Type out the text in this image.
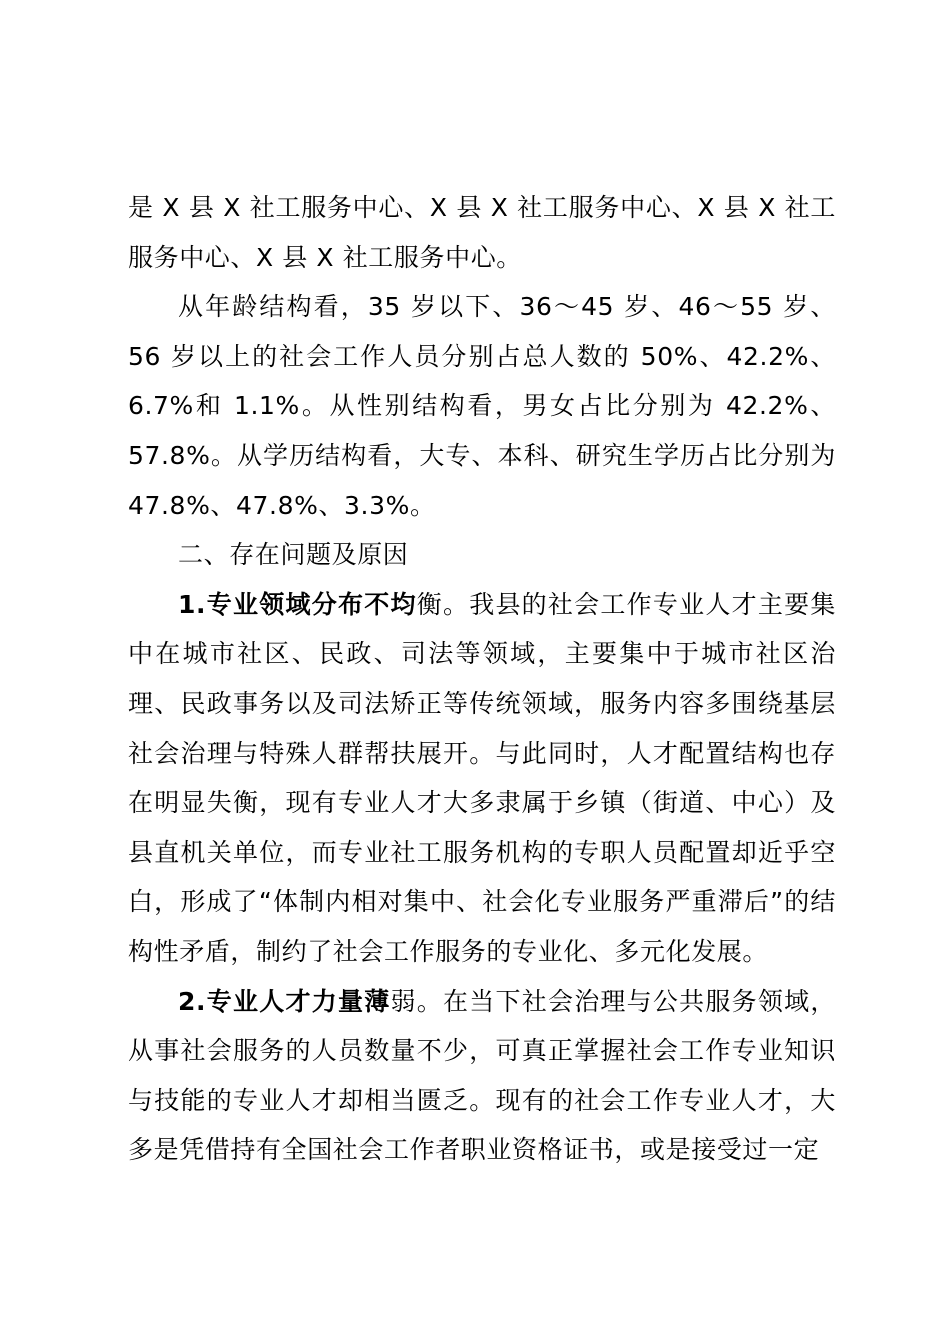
是 X 县 X 社工服务中心、X 县 X 社工服务中心、X 县 X 社工服务中心、X 县 X 社工服务中心。

从年龄结构看，35 岁以下、36～45 岁、46～55 岁、56 岁以上的社会工作人员分别占总人数的 50%、42.2%、6.7%和 1.1%。从性别结构看，男女占比分别为 42.2%、57.8%。从学历结构看，大专、本科、研究生学历占比分别为 47.8%、47.8%、3.3%。

二、存在问题及原因

1.专业领域分布不均衡。我县的社会工作专业人才主要集中在城市社区、民政、司法等领域，主要集中于城市社区治理、民政事务以及司法矫正等传统领域，服务内容多围绕基层社会治理与特殊人群帮扶展开。与此同时，人才配置结构也存在明显失衡，现有专业人才大多隶属于乡镇（街道、中心）及县直机关单位，而专业社工服务机构的专职人员配置却近乎空白，形成了“体制内相对集中、社会化专业服务严重滞后”的结构性矛盾，制约了社会工作服务的专业化、多元化发展。

2.专业人才力量薄弱。在当下社会治理与公共服务领域，从事社会服务的人员数量不少，可真正掌握社会工作专业知识与技能的专业人才却相当匮乏。现有的社会工作专业人才，大多是凭借持有全国社会工作者职业资格证书，或是接受过一定
